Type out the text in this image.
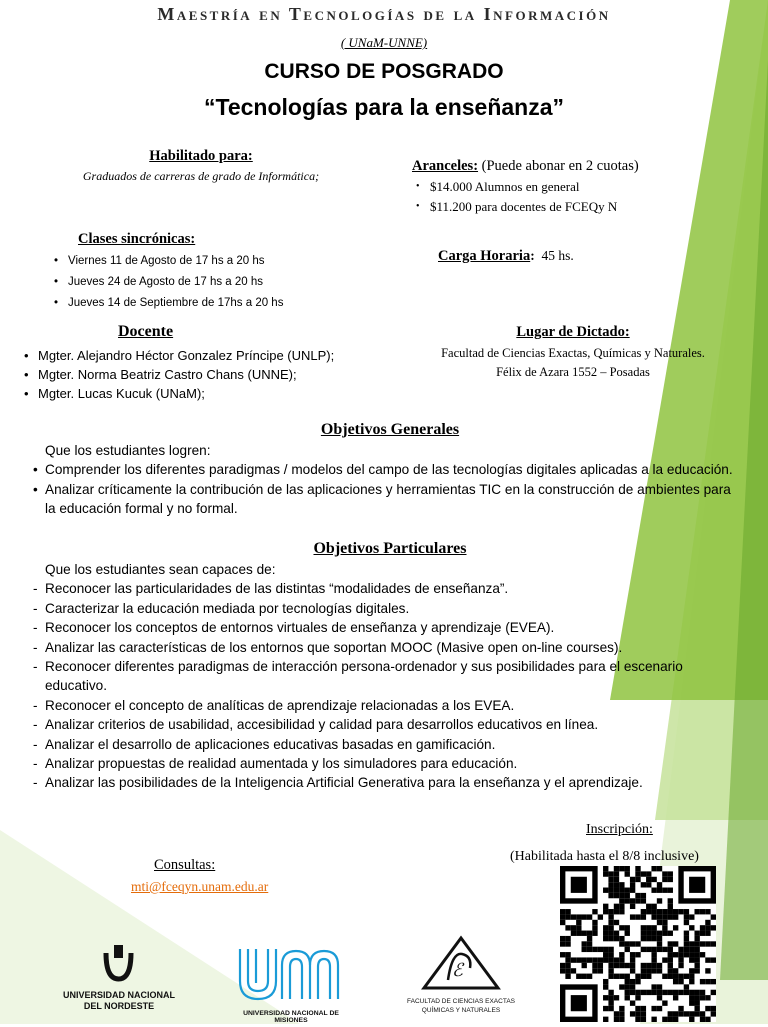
Maestría en Tecnologías de la Información
( UNaM-UNNE)
CURSO DE POSGRADO
“Tecnologías para la enseñanza”
Habilitado para:
Graduados de carreras de grado de Informática;
Aranceles: (Puede abonar en 2 cuotas)
• $14.000 Alumnos en general
• $11.200 para docentes de FCEQy N
Clases sincrónicas:
• Viernes 11 de Agosto de 17 hs a 20 hs
• Jueves 24 de Agosto de 17 hs a 20 hs
• Jueves 14 de Septiembre de 17hs a 20 hs
Carga Horaria: 45 hs.
Docente
• Mgter. Alejandro Héctor Gonzalez Príncipe (UNLP);
• Mgter. Norma Beatriz Castro Chans (UNNE);
• Mgter. Lucas Kucuk (UNaM);
Lugar de Dictado:
Facultad de Ciencias Exactas, Químicas y Naturales.
Félix de Azara 1552 – Posadas
Objetivos Generales
Que los estudiantes logren:
• Comprender los diferentes paradigmas / modelos del campo de las tecnologías digitales aplicadas a la educación.
• Analizar críticamente la contribución de las aplicaciones y herramientas TIC en la construcción de ambientes para la educación formal y no formal.
Objetivos Particulares
Que los estudiantes sean capaces de:
- Reconocer las particularidades de las distintas “modalidades de enseñanza”.
- Caracterizar la educación mediada por tecnologías digitales.
- Reconocer los conceptos de entornos virtuales de enseñanza y aprendizaje (EVEA).
- Analizar las características de los entornos que soportan MOOC (Masive open on-line courses).
- Reconocer diferentes paradigmas de interacción persona-ordenador y sus posibilidades para el escenario educativo.
- Reconocer el concepto de analíticas de aprendizaje relacionadas a los EVEA.
- Analizar criterios de usabilidad, accesibilidad y calidad para desarrollos educativos en línea.
- Analizar el desarrollo de aplicaciones educativas basadas en gamificación.
- Analizar propuestas de realidad aumentada y los simuladores para educación.
- Analizar las posibilidades de la Inteligencia Artificial Generativa para la enseñanza y el aprendizaje.
Inscripción:
(Habilitada hasta el 8/8 inclusive)
Consultas:
mti@fceqyn.unam.edu.ar
UNIVERSIDAD NACIONAL
DEL NORDESTE
UNIVERSIDAD NACIONAL DE MISIONES
ℰ
FACULTAD DE CIENCIAS EXACTAS
QUÍMICAS Y NATURALES
